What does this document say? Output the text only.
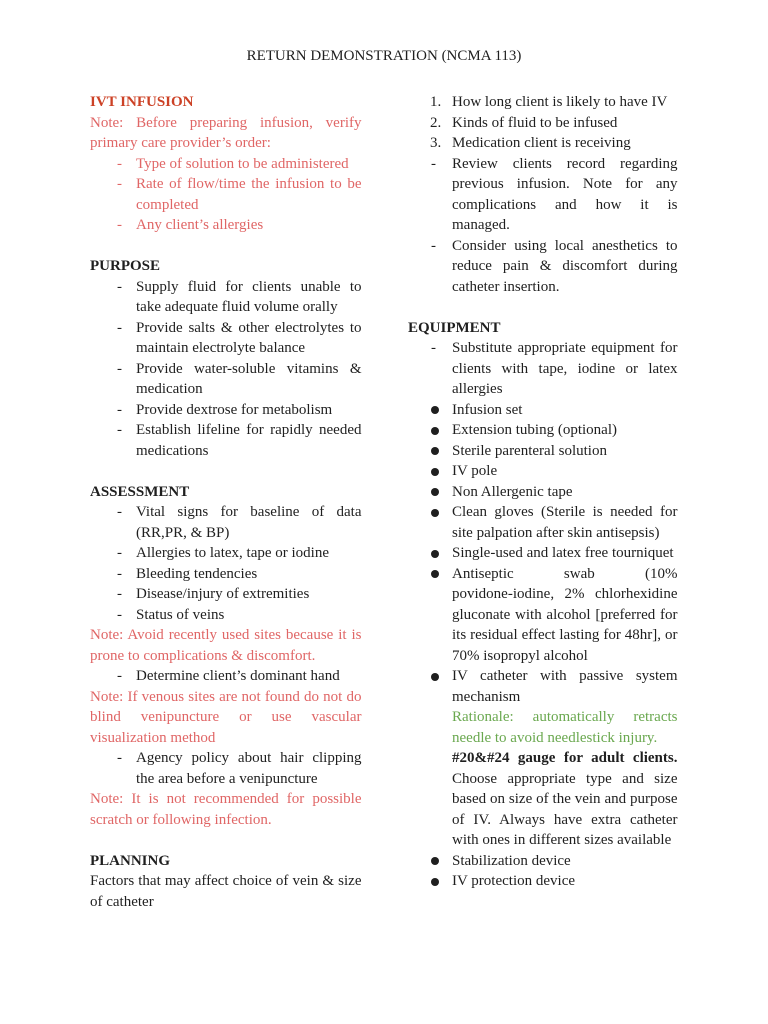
RETURN DEMONSTRATION (NCMA 113)
IVT INFUSION

Note: Before preparing infusion, verify primary care provider’s order:

- Type of solution to be administered
- Rate of flow/time the infusion to be completed
- Any client’s allergies
PURPOSE
- Supply fluid for clients unable to take adequate fluid volume orally
- Provide salts & other electrolytes to maintain electrolyte balance
- Provide water-soluble vitamins & medication
- Provide dextrose for metabolism
- Establish lifeline for rapidly needed medications
ASSESSMENT
- Vital signs for baseline of data (RR,PR, & BP)
- Allergies to latex, tape or iodine
- Bleeding tendencies
- Disease/injury of extremities
- Status of veins

Note: Avoid recently used sites because it is prone to complications & discomfort.

- Determine client’s dominant hand

Note: If venous sites are not found do not do blind venipuncture or use vascular visualization method

- Agency policy about hair clipping the area before a venipuncture

Note: It is not recommended for possible scratch or following infection.

PLANNING

Factors that may affect choice of vein & size of catheter

1. How long client is likely to have IV
2. Kinds of fluid to be infused
3. Medication client is receiving
- Review clients record regarding previous infusion. Note for any complications and how it is managed.
- Consider using local anesthetics to reduce pain & discomfort during catheter insertion.
EQUIPMENT
- Substitute appropriate equipment for clients with tape, iodine or latex allergies
Infusion set
Extension tubing (optional)
Sterile parenteral solution
IV pole
Non Allergenic tape
Clean gloves (Sterile is needed for site palpation after skin antisepsis)
Single-used and latex free tourniquet
Antiseptic swab (10% povidone-iodine, 2% chlorhexidine gluconate with alcohol [preferred for its residual effect lasting for 48hr], or 70% isopropyl alcohol
IV catheter with passive system mechanism

Rationale: automatically retracts needle to avoid needlestick injury.

#20&#24 gauge for adult clients. Choose appropriate type and size based on size of the vein and purpose of IV. Always have extra catheter with ones in different sizes available

Stabilization device
IV protection device
